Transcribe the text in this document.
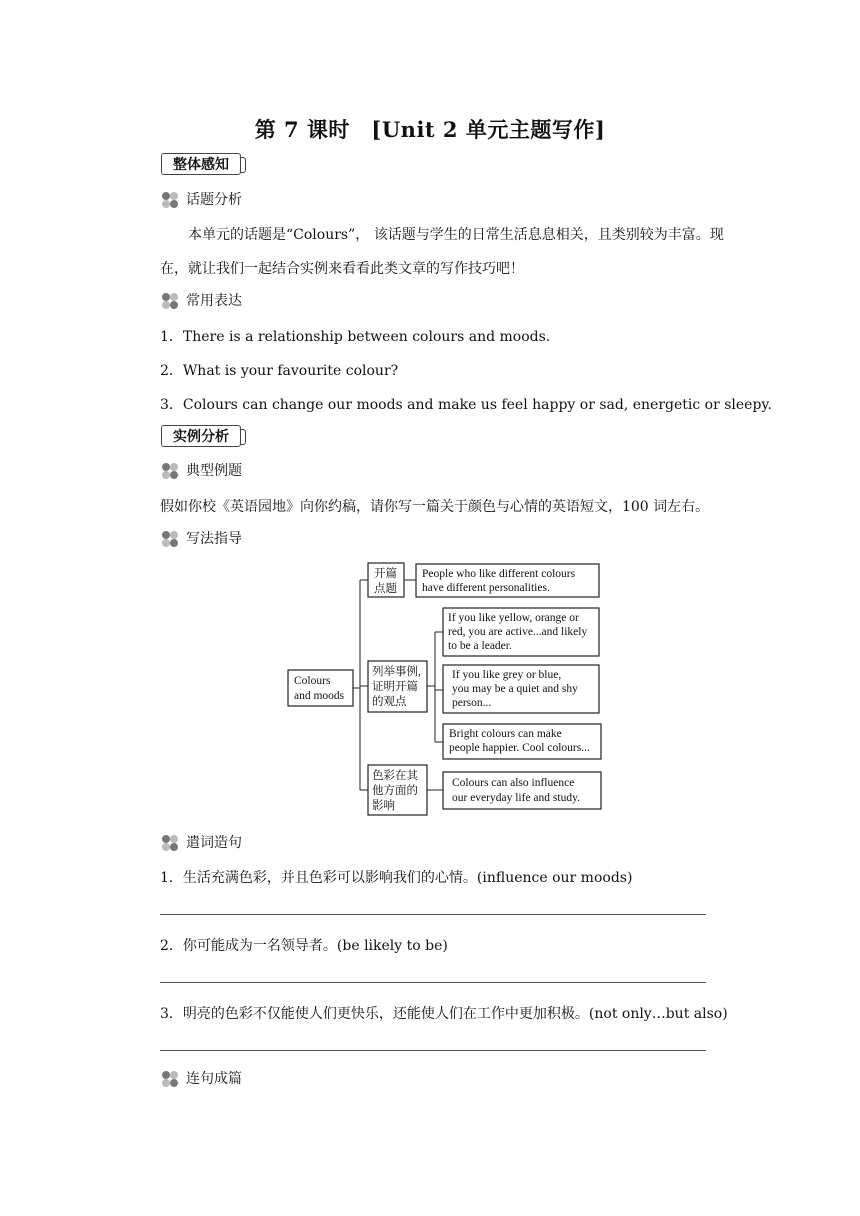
第 7 课时　[Unit 2 单元主题写作]
整体感知
话题分析
本单元的话题是“Colours”， 该话题与学生的日常生活息息相关，且类别较为丰富。现在，就让我们一起结合实例来看看此类文章的写作技巧吧！
常用表达
1．There is a relationship between colours and moods.
2．What is your favourite colour?
3．Colours can change our moods and make us feel happy or sad, energetic or sleepy.
实例分析
典型例题
假如你校《英语园地》向你约稿，请你写一篇关于颜色与心情的英语短文，100 词左右。
写法指导
Colours
and moods
开篇
点题
列举事例,
证明开篇
的观点
色彩在其
他方面的
影响
People who like different colours
have different personalities.
If you like yellow, orange or
red, you are active...and likely
to be a leader.
If you like grey or blue,
you may be a quiet and shy
person...
Bright colours can make
people happier. Cool colours...
Colours can also influence
our everyday life and study.
遣词造句
1．生活充满色彩，并且色彩可以影响我们的心情。(influence our moods)
2．你可能成为一名领导者。(be likely to be)
3．明亮的色彩不仅能使人们更快乐，还能使人们在工作中更加积极。(not only…but also)
连句成篇
